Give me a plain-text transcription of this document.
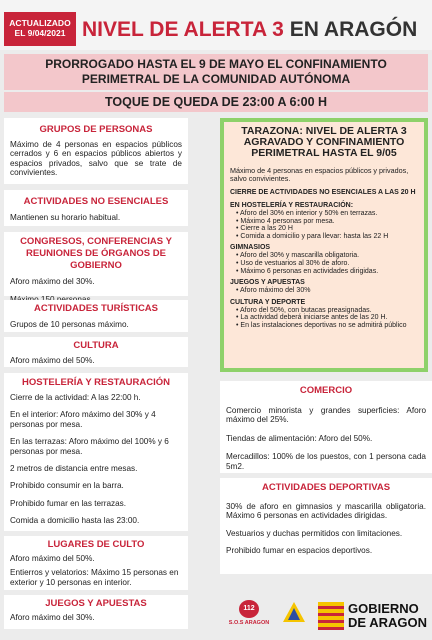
ACTUALIZADO
EL 9/04/2021 NIVEL DE ALERTA 3 EN ARAGÓN
PRORROGADO HASTA EL 9 DE MAYO EL CONFINAMIENTO
PERIMETRAL DE LA COMUNIDAD AUTÓNOMA
TOQUE DE QUEDA DE 23:00 A 6:00 H
GRUPOS DE PERSONAS
Máximo de 4 personas en espacios públicos cerrados y 6 en espacios públicos abiertos y espacios privados, salvo que se trate de convivientes.
ACTIVIDADES NO ESENCIALES
Mantienen su horario habitual.
CONGRESOS, CONFERENCIAS Y
REUNIONES DE ÓRGANOS DE GOBIERNO
Aforo máximo del 30%.
ACTIVIDADES TURÍSTICAS
Grupos de 10 personas máximo.
CULTURA
Aforo máximo del 50%.
HOSTELERÍA Y RESTAURACIÓN
Cierre de la actividad: A las 22:00 h.
En el interior: Aforo máximo del 30% y 4 personas por mesa.
En las terrazas: Aforo máximo del 100% y 6 personas por mesa.
2 metros de distancia entre mesas.
Prohibido consumir en la barra.
Prohibido fumar en las terrazas.
Comida a domicilio hasta las 23:00.
LUGARES DE CULTO
Aforo máximo del 50%.
Entierros y velatorios: Máximo 15 personas en exterior y 10 personas en interior.
JUEGOS Y APUESTAS
Aforo máximo del 30%.
TARAZONA: NIVEL DE ALERTA 3
AGRAVADO Y CONFINAMIENTO
PERIMETRAL HASTA EL 9/05
Máximo de 4 personas en espacios públicos y privados, salvo convivientes.
CIERRE DE ACTIVIDADES NO ESENCIALES A LAS 20 H
EN HOSTELERÍA Y RESTAURACIÓN:
• Aforo del 30% en interior y 50% en terrazas.
• Máximo 4 personas por mesa.
• Cierre a las 20 H
• Comida a domicilio y para llevar: hasta las 22 H
GIMNASIOS
• Aforo del 30% y mascarilla obligatoria.
• Uso de vestuarios al 30% de aforo.
• Máximo 6 personas en actividades dirigidas.
JUEGOS Y APUESTAS
• Aforo máximo del 30%
CULTURA Y DEPORTE
• Aforo del 50%, con butacas preasignadas.
• La actividad deberá iniciarse antes de las 20 H.
• En las instalaciones deportivas no se admitirá público
COMERCIO
Comercio minorista y grandes superficies: Aforo máximo del 25%.
Tiendas de alimentación: Aforo del 50%.
Mercadillos: 100% de los puestos, con 1 persona cada 5m2.
ACTIVIDADES DEPORTIVAS
30% de aforo en gimnasios y mascarilla obligatoria. Máximo 6 personas en actividades dirigidas.
Vestuarios y duchas permitidos con limitaciones.
Prohibido fumar en espacios deportivos.
112
S.O.S ARAGON
GOBIERNO
DE ARAGON
